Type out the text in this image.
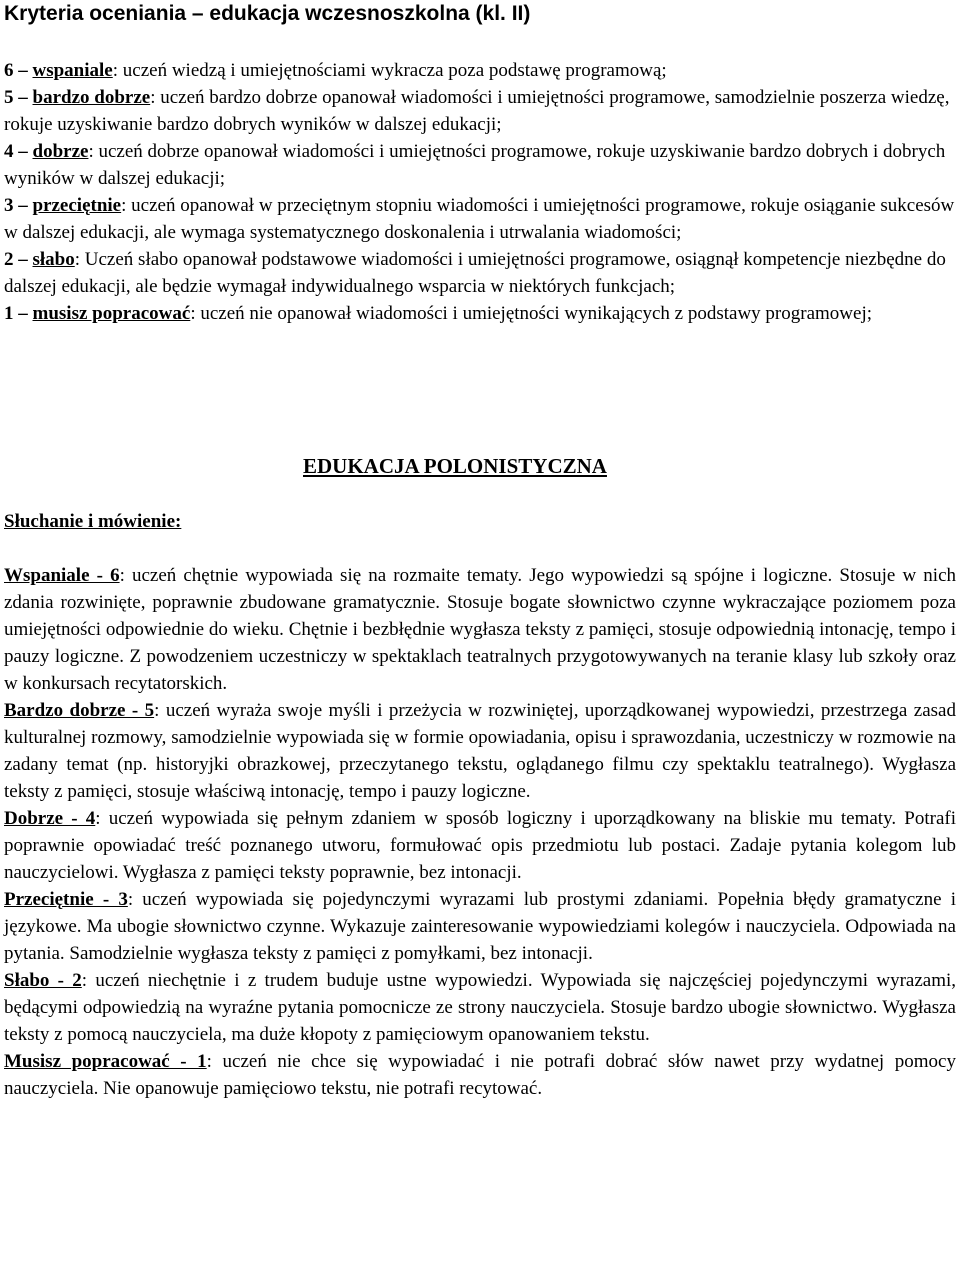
Kryteria oceniania – edukacja wczesnoszkolna (kl. II)

6 – wspaniale: uczeń wiedzą i umiejętnościami wykracza poza podstawę programową;

5 – bardzo dobrze: uczeń bardzo dobrze opanował wiadomości i umiejętności programowe, samodzielnie poszerza wiedzę, rokuje uzyskiwanie bardzo dobrych wyników w dalszej edukacji;

4 – dobrze: uczeń dobrze opanował wiadomości i umiejętności programowe, rokuje uzyskiwanie bardzo dobrych i dobrych wyników w dalszej edukacji;

3 – przeciętnie: uczeń opanował w przeciętnym stopniu wiadomości i umiejętności programowe, rokuje osiąganie sukcesów w dalszej edukacji, ale wymaga systematycznego doskonalenia i utrwalania wiadomości;

2 – słabo: Uczeń słabo opanował podstawowe wiadomości i umiejętności programowe, osiągnął kompetencje niezbędne do dalszej edukacji, ale będzie wymagał indywidualnego wsparcia w niektórych funkcjach;

1 – musisz popracować: uczeń nie opanował wiadomości i umiejętności wynikających z podstawy programowej;

EDUKACJA POLONISTYCZNA
Słuchanie i mówienie:

Wspaniale - 6: uczeń chętnie wypowiada się na rozmaite tematy. Jego wypowiedzi są spójne i logiczne. Stosuje w nich zdania rozwinięte, poprawnie zbudowane gramatycznie. Stosuje bogate słownictwo czynne wykraczające poziomem poza umiejętności odpowiednie do wieku. Chętnie i bezbłędnie wygłasza teksty z pamięci, stosuje odpowiednią intonację, tempo i pauzy logiczne. Z powodzeniem uczestniczy w spektaklach teatralnych przygotowywanych na teranie klasy lub szkoły oraz w konkursach recytatorskich.

Bardzo dobrze - 5: uczeń wyraża swoje myśli i przeżycia w rozwiniętej, uporządkowanej wypowiedzi, przestrzega zasad kulturalnej rozmowy, samodzielnie wypowiada się w formie opowiadania, opisu i sprawozdania, uczestniczy w rozmowie na zadany temat (np. historyjki obrazkowej, przeczytanego tekstu, oglądanego filmu czy spektaklu teatralnego). Wygłasza teksty z pamięci, stosuje właściwą intonację, tempo i pauzy logiczne.

Dobrze - 4: uczeń wypowiada się pełnym zdaniem w sposób logiczny i uporządkowany na bliskie mu tematy. Potrafi poprawnie opowiadać treść poznanego utworu, formułować opis przedmiotu lub postaci. Zadaje pytania kolegom lub nauczycielowi. Wygłasza z pamięci teksty poprawnie, bez intonacji.

Przeciętnie - 3: uczeń wypowiada się pojedynczymi wyrazami lub prostymi zdaniami. Popełnia błędy gramatyczne i językowe. Ma ubogie słownictwo czynne. Wykazuje zainteresowanie wypowiedziami kolegów i nauczyciela. Odpowiada na pytania. Samodzielnie wygłasza teksty z pamięci z pomyłkami, bez intonacji.

Słabo - 2: uczeń niechętnie i z trudem buduje ustne wypowiedzi. Wypowiada się najczęściej pojedynczymi wyrazami, będącymi odpowiedzią na wyraźne pytania pomocnicze ze strony nauczyciela. Stosuje bardzo ubogie słownictwo. Wygłasza teksty z pomocą nauczyciela, ma duże kłopoty z pamięciowym opanowaniem tekstu.

Musisz popracować - 1: uczeń nie chce się wypowiadać i nie potrafi dobrać słów nawet przy wydatnej pomocy nauczyciela. Nie opanowuje pamięciowo tekstu, nie potrafi recytować.
